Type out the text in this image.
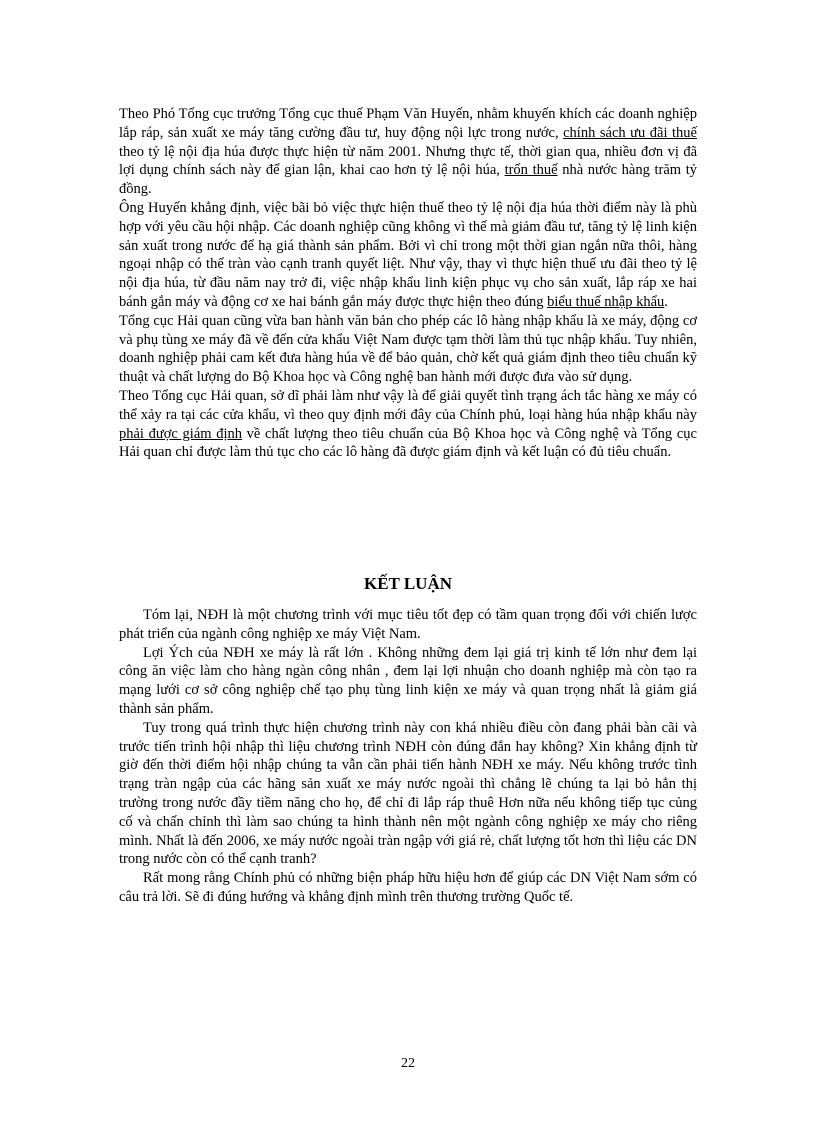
Theo Phó Tổng cục trưởng Tổng cục thuế Phạm Văn Huyến, nhằm khuyến khích các doanh nghiệp lắp ráp, sản xuất xe máy tăng cường đầu tư, huy động nội lực trong nước, chính sách ưu đãi thuế theo tỷ lệ nội địa húa được thực hiện từ năm 2001. Nhưng thực tế, thời gian qua, nhiều đơn vị đã lợi dụng chính sách này để gian lận, khai cao hơn tỷ lệ nội húa, trốn thuế nhà nước hàng trăm tỷ đồng.

Ông Huyến khẳng định, việc bãi bỏ việc thực hiện thuế theo tỷ lệ nội địa húa thời điểm này là phù hợp với yêu cầu hội nhập. Các doanh nghiệp cũng không vì thế mà giảm đầu tư, tăng tỷ lệ linh kiện sản xuất trong nước để hạ giá thành sản phẩm. Bởi vì chỉ trong một thời gian ngắn nữa thôi, hàng ngoại nhập có thể tràn vào cạnh tranh quyết liệt. Như vậy, thay vì thực hiện thuế ưu đãi theo tỷ lệ nội địa húa, từ đầu năm nay trở đi, việc nhập khẩu linh kiện phục vụ cho sản xuất, lắp ráp xe hai bánh gắn máy và động cơ xe hai bánh gắn máy được thực hiện theo đúng biểu thuế nhập khẩu.

Tổng cục Hải quan cũng vừa ban hành văn bản cho phép các lô hàng nhập khẩu là xe máy, động cơ và phụ tùng xe máy đã về đến cửa khẩu Việt Nam được tạm thời làm thủ tục nhập khẩu. Tuy nhiên, doanh nghiệp phải cam kết đưa hàng húa về để bảo quản, chờ kết quả giám định theo tiêu chuẩn kỹ thuật và chất lượng do Bộ Khoa học và Công nghệ ban hành mới được đưa vào sử dụng.

Theo Tổng cục Hải quan, sở dĩ phải làm như vậy là để giải quyết tình trạng ách tắc hàng xe máy có thể xảy ra tại các cửa khẩu, vì theo quy định mới đây của Chính phủ, loại hàng húa nhập khẩu này phải được giám định về chất lượng theo tiêu chuẩn của Bộ Khoa học và Công nghệ và Tổng cục Hải quan chỉ được làm thủ tục cho các lô hàng đã được giám định và kết luận có đủ tiêu chuẩn.

KẾT LUẬN

Tóm lại, NĐH là một chương trình với mục tiêu tốt đẹp có tầm quan trọng đối với chiến lược phát triển của ngành công nghiệp xe máy Việt Nam.

Lợi Ých của NĐH xe máy là rất lớn . Không những đem lại giá trị kinh tế lớn như đem lại công ăn việc làm cho hàng ngàn công nhân , đem lại lợi nhuận cho doanh nghiệp mà còn tạo ra mạng lưới cơ sở công nghiệp chế tạo phụ tùng linh kiện xe máy và quan trọng nhất là giảm giá thành sản phẩm.

Tuy trong quá trình thực hiện chương trình này con khá nhiều điều còn đang phải bàn cãi và trước tiến trình hội nhập thì liệu chương trình NĐH còn đúng đắn hay không? Xin khẳng định từ giờ đến thời điểm hội nhập chúng ta vẫn cần phải tiến hành NĐH xe máy. Nếu không trước tình trạng tràn ngập của các hãng sản xuất xe máy nước ngoài thì chẳng lẽ chúng ta lại bỏ hẳn thị trường trong nước đầy tiềm năng cho họ, để chỉ đi lắp ráp thuê Hơn nữa nếu không tiếp tục củng cố và chấn chỉnh thì làm sao chúng ta hình thành nên một ngành công nghiệp xe máy cho riêng mình. Nhất là đến 2006, xe máy nước ngoài tràn ngập với giá rẻ, chất lượng tốt hơn thì liệu các DN trong nước còn có thể cạnh tranh?

Rất mong rằng Chính phủ có những biện pháp hữu hiệu hơn để giúp các DN Việt Nam sớm có câu trả lời. Sẽ đi đúng hướng và khẳng định mình trên thương trường Quốc tế.

22
